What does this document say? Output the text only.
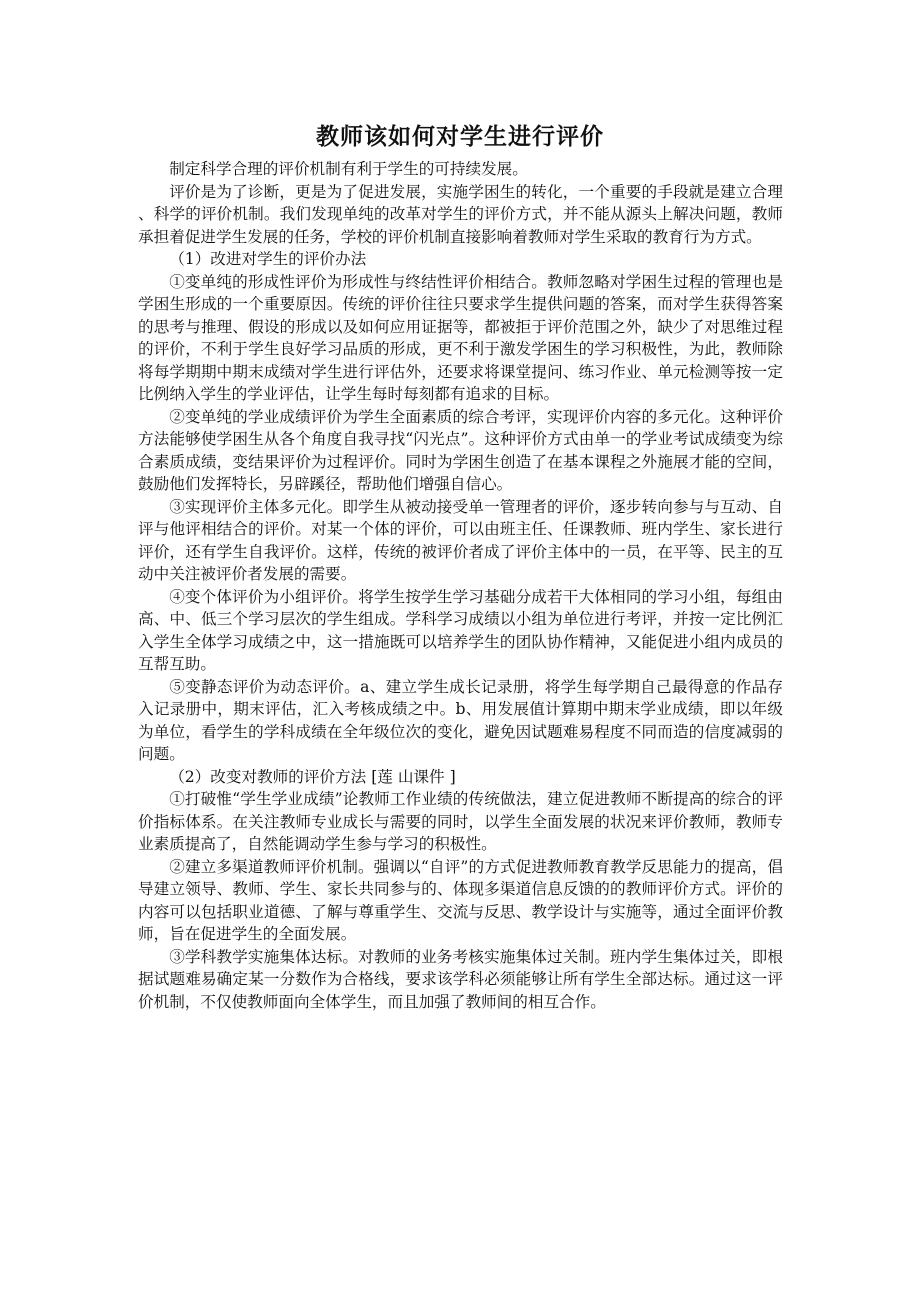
教师该如何对学生进行评价

制定科学合理的评价机制有利于学生的可持续发展。

评价是为了诊断，更是为了促进发展，实施学困生的转化，一个重要的手段就是建立合理 、科学的评价机制。我们发现单纯的改革对学生的评价方式，并不能从源头上解决问题，教师承担着促进学生发展的任务，学校的评价机制直接影响着教师对学生采取的教育行为方式。

（1）改进对学生的评价办法

①变单纯的形成性评价为形成性与终结性评价相结合。教师忽略对学困生过程的管理也是学困生形成的一个重要原因。传统的评价往往只要求学生提供问题的答案，而对学生获得答案的思考与推理、假设的形成以及如何应用证据等，都被拒于评价范围之外，缺少了对思维过程的评价，不利于学生良好学习品质的形成，更不利于激发学困生的学习积极性，为此，教师除将每学期期中期末成绩对学生进行评估外，还要求将课堂提问、练习作业、单元检测等按一定比例纳入学生的学业评估，让学生每时每刻都有追求的目标。

②变单纯的学业成绩评价为学生全面素质的综合考评，实现评价内容的多元化。这种评价方法能够使学困生从各个角度自我寻找“闪光点”。这种评价方式由单一的学业考试成绩变为综合素质成绩，变结果评价为过程评价。同时为学困生创造了在基本课程之外施展才能的空间，鼓励他们发挥特长，另辟蹊径，帮助他们增强自信心。

③实现评价主体多元化。即学生从被动接受单一管理者的评价，逐步转向参与与互动、自评与他评相结合的评价。对某一个体的评价，可以由班主任、任课教师、班内学生、家长进行评价，还有学生自我评价。这样，传统的被评价者成了评价主体中的一员，在平等、民主的互动中关注被评价者发展的需要。

④变个体评价为小组评价。将学生按学生学习基础分成若干大体相同的学习小组，每组由高、中、低三个学习层次的学生组成。学科学习成绩以小组为单位进行考评，并按一定比例汇入学生全体学习成绩之中，这一措施既可以培养学生的团队协作精神，又能促进小组内成员的互帮互助。

⑤变静态评价为动态评价。a、建立学生成长记录册，将学生每学期自己最得意的作品存入记录册中，期末评估，汇入考核成绩之中。b、用发展值计算期中期末学业成绩，即以年级为单位，看学生的学科成绩在全年级位次的变化，避免因试题难易程度不同而造的信度减弱的问题。

（2）改变对教师的评价方法 [莲 山课件 ]

①打破惟“学生学业成绩”论教师工作业绩的传统做法，建立促进教师不断提高的综合的评价指标体系。在关注教师专业成长与需要的同时，以学生全面发展的状况来评价教师，教师专业素质提高了，自然能调动学生参与学习的积极性。

②建立多渠道教师评价机制。强调以“自评”的方式促进教师教育教学反思能力的提高，倡导建立领导、教师、学生、家长共同参与的、体现多渠道信息反馈的的教师评价方式。评价的内容可以包括职业道德、了解与尊重学生、交流与反思、教学设计与实施等，通过全面评价教师，旨在促进学生的全面发展。

③学科教学实施集体达标。对教师的业务考核实施集体过关制。班内学生集体过关，即根据试题难易确定某一分数作为合格线，要求该学科必须能够让所有学生全部达标。通过这一评价机制，不仅使教师面向全体学生，而且加强了教师间的相互合作。
